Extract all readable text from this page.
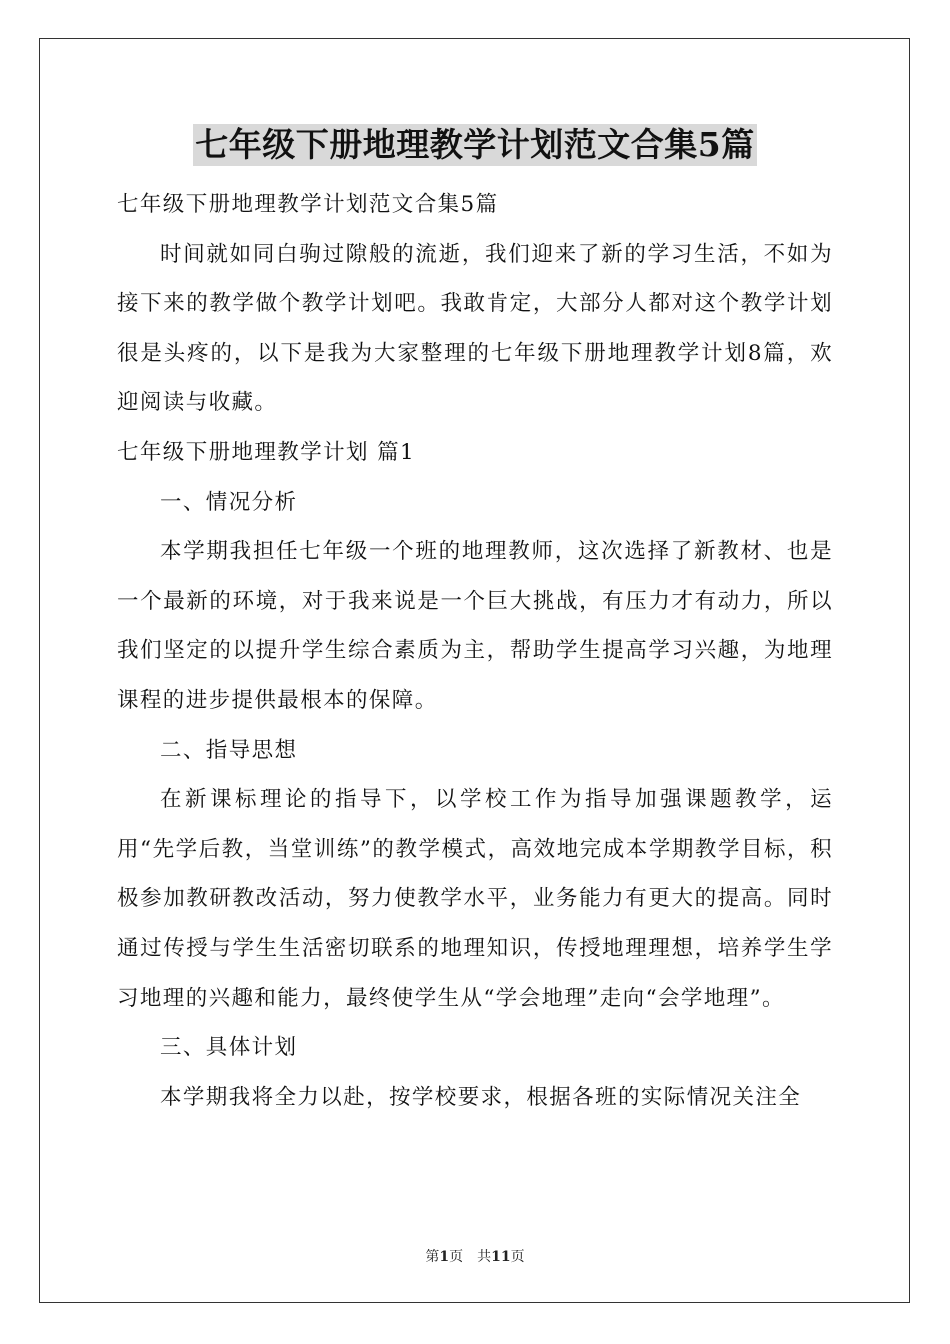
七年级下册地理教学计划范文合集5篇

七年级下册地理教学计划范文合集5篇

时间就如同白驹过隙般的流逝，我们迎来了新的学习生活，不如为接下来的教学做个教学计划吧。我敢肯定，大部分人都对这个教学计划很是头疼的，以下是我为大家整理的七年级下册地理教学计划8篇，欢迎阅读与收藏。

七年级下册地理教学计划 篇1

一、情况分析

本学期我担任七年级一个班的地理教师，这次选择了新教材、也是一个最新的环境，对于我来说是一个巨大挑战，有压力才有动力，所以我们坚定的以提升学生综合素质为主，帮助学生提高学习兴趣，为地理课程的进步提供最根本的保障。

二、指导思想

在新课标理论的指导下，以学校工作为指导加强课题教学，运用“先学后教，当堂训练”的教学模式，高效地完成本学期教学目标，积极参加教研教改活动，努力使教学水平，业务能力有更大的提高。同时通过传授与学生生活密切联系的地理知识，传授地理理想，培养学生学习地理的兴趣和能力，最终使学生从“学会地理”走向“会学地理”。

三、具体计划

本学期我将全力以赴，按学校要求，根据各班的实际情况关注全

第1页　共11页
